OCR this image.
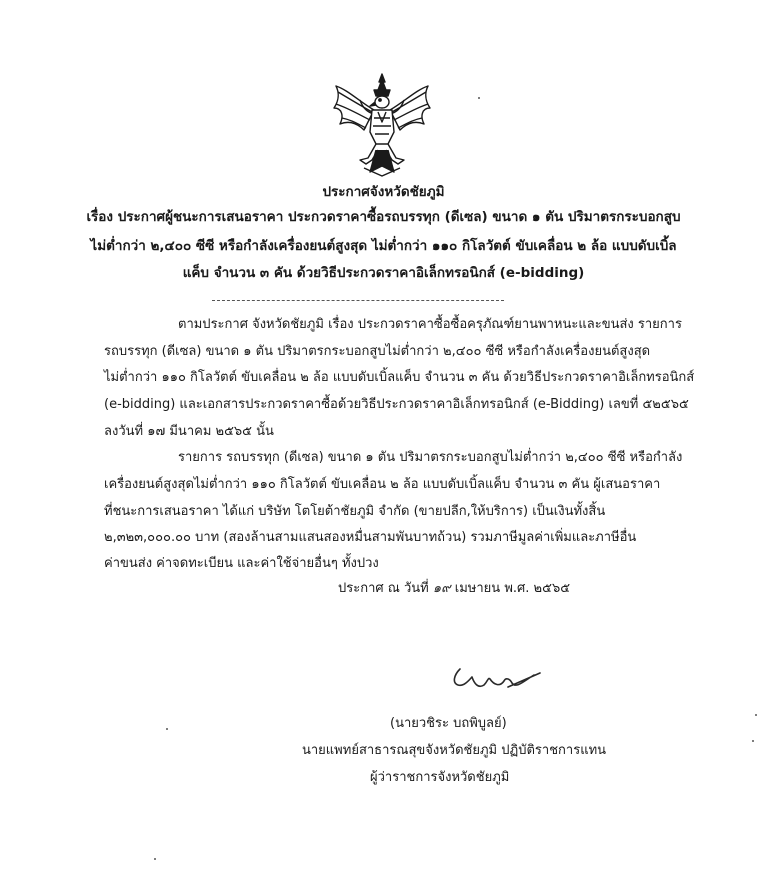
ประกาศจังหวัดชัยภูมิ
เรื่อง ประกาศผู้ชนะการเสนอราคา ประกวดราคาซื้อรถบรรทุก (ดีเซล) ขนาด ๑ ตัน ปริมาตรกระบอกสูบ
ไม่ต่ำกว่า ๒,๔๐๐ ซีซี หรือกำลังเครื่องยนต์สูงสุด ไม่ต่ำกว่า ๑๑๐ กิโลวัตต์ ขับเคลื่อน ๒ ล้อ แบบดับเบิ้ล
แค็บ จำนวน ๓ คัน ด้วยวิธีประกวดราคาอิเล็กทรอนิกส์ (e-bidding)
ตามประกาศ จังหวัดชัยภูมิ เรื่อง ประกวดราคาซื้อซื้อครุภัณฑ์ยานพาหนะและขนส่ง รายการ
รถบรรทุก (ดีเซล) ขนาด ๑ ตัน ปริมาตรกระบอกสูบไม่ต่ำกว่า ๒,๔๐๐ ซีซี หรือกำลังเครื่องยนต์สูงสุด
ไม่ต่ำกว่า ๑๑๐ กิโลวัตต์ ขับเคลื่อน ๒ ล้อ แบบดับเบิ้ลแค็บ จำนวน ๓ คัน ด้วยวิธีประกวดราคาอิเล็กทรอนิกส์
(e-bidding) และเอกสารประกวดราคาซื้อด้วยวิธีประกวดราคาอิเล็กทรอนิกส์ (e-Bidding) เลขที่ ๕๒๕๖๕
ลงวันที่ ๑๗ มีนาคม ๒๕๖๕ นั้น
รายการ รถบรรทุก (ดีเซล) ขนาด ๑ ตัน ปริมาตรกระบอกสูบไม่ต่ำกว่า ๒,๔๐๐ ซีซี หรือกำลัง
เครื่องยนต์สูงสุดไม่ต่ำกว่า ๑๑๐ กิโลวัตต์ ขับเคลื่อน ๒ ล้อ แบบดับเบิ้ลแค็บ จำนวน ๓ คัน ผู้เสนอราคา
ที่ชนะการเสนอราคา ได้แก่ บริษัท โตโยต้าชัยภูมิ จำกัด (ขายปลีก,ให้บริการ) เป็นเงินทั้งสิ้น
๒,๓๒๓,๐๐๐.๐๐ บาท (สองล้านสามแสนสองหมื่นสามพันบาทถ้วน) รวมภาษีมูลค่าเพิ่มและภาษีอื่น
ค่าขนส่ง ค่าจดทะเบียน และค่าใช้จ่ายอื่นๆ ทั้งปวง
ประกาศ ณ วันที่ ๑๙ เมษายน พ.ศ. ๒๕๖๕
(นายวชิระ บถพิบูลย์)
นายแพทย์สาธารณสุขจังหวัดชัยภูมิ ปฏิบัติราชการแทน
ผู้ว่าราชการจังหวัดชัยภูมิ
